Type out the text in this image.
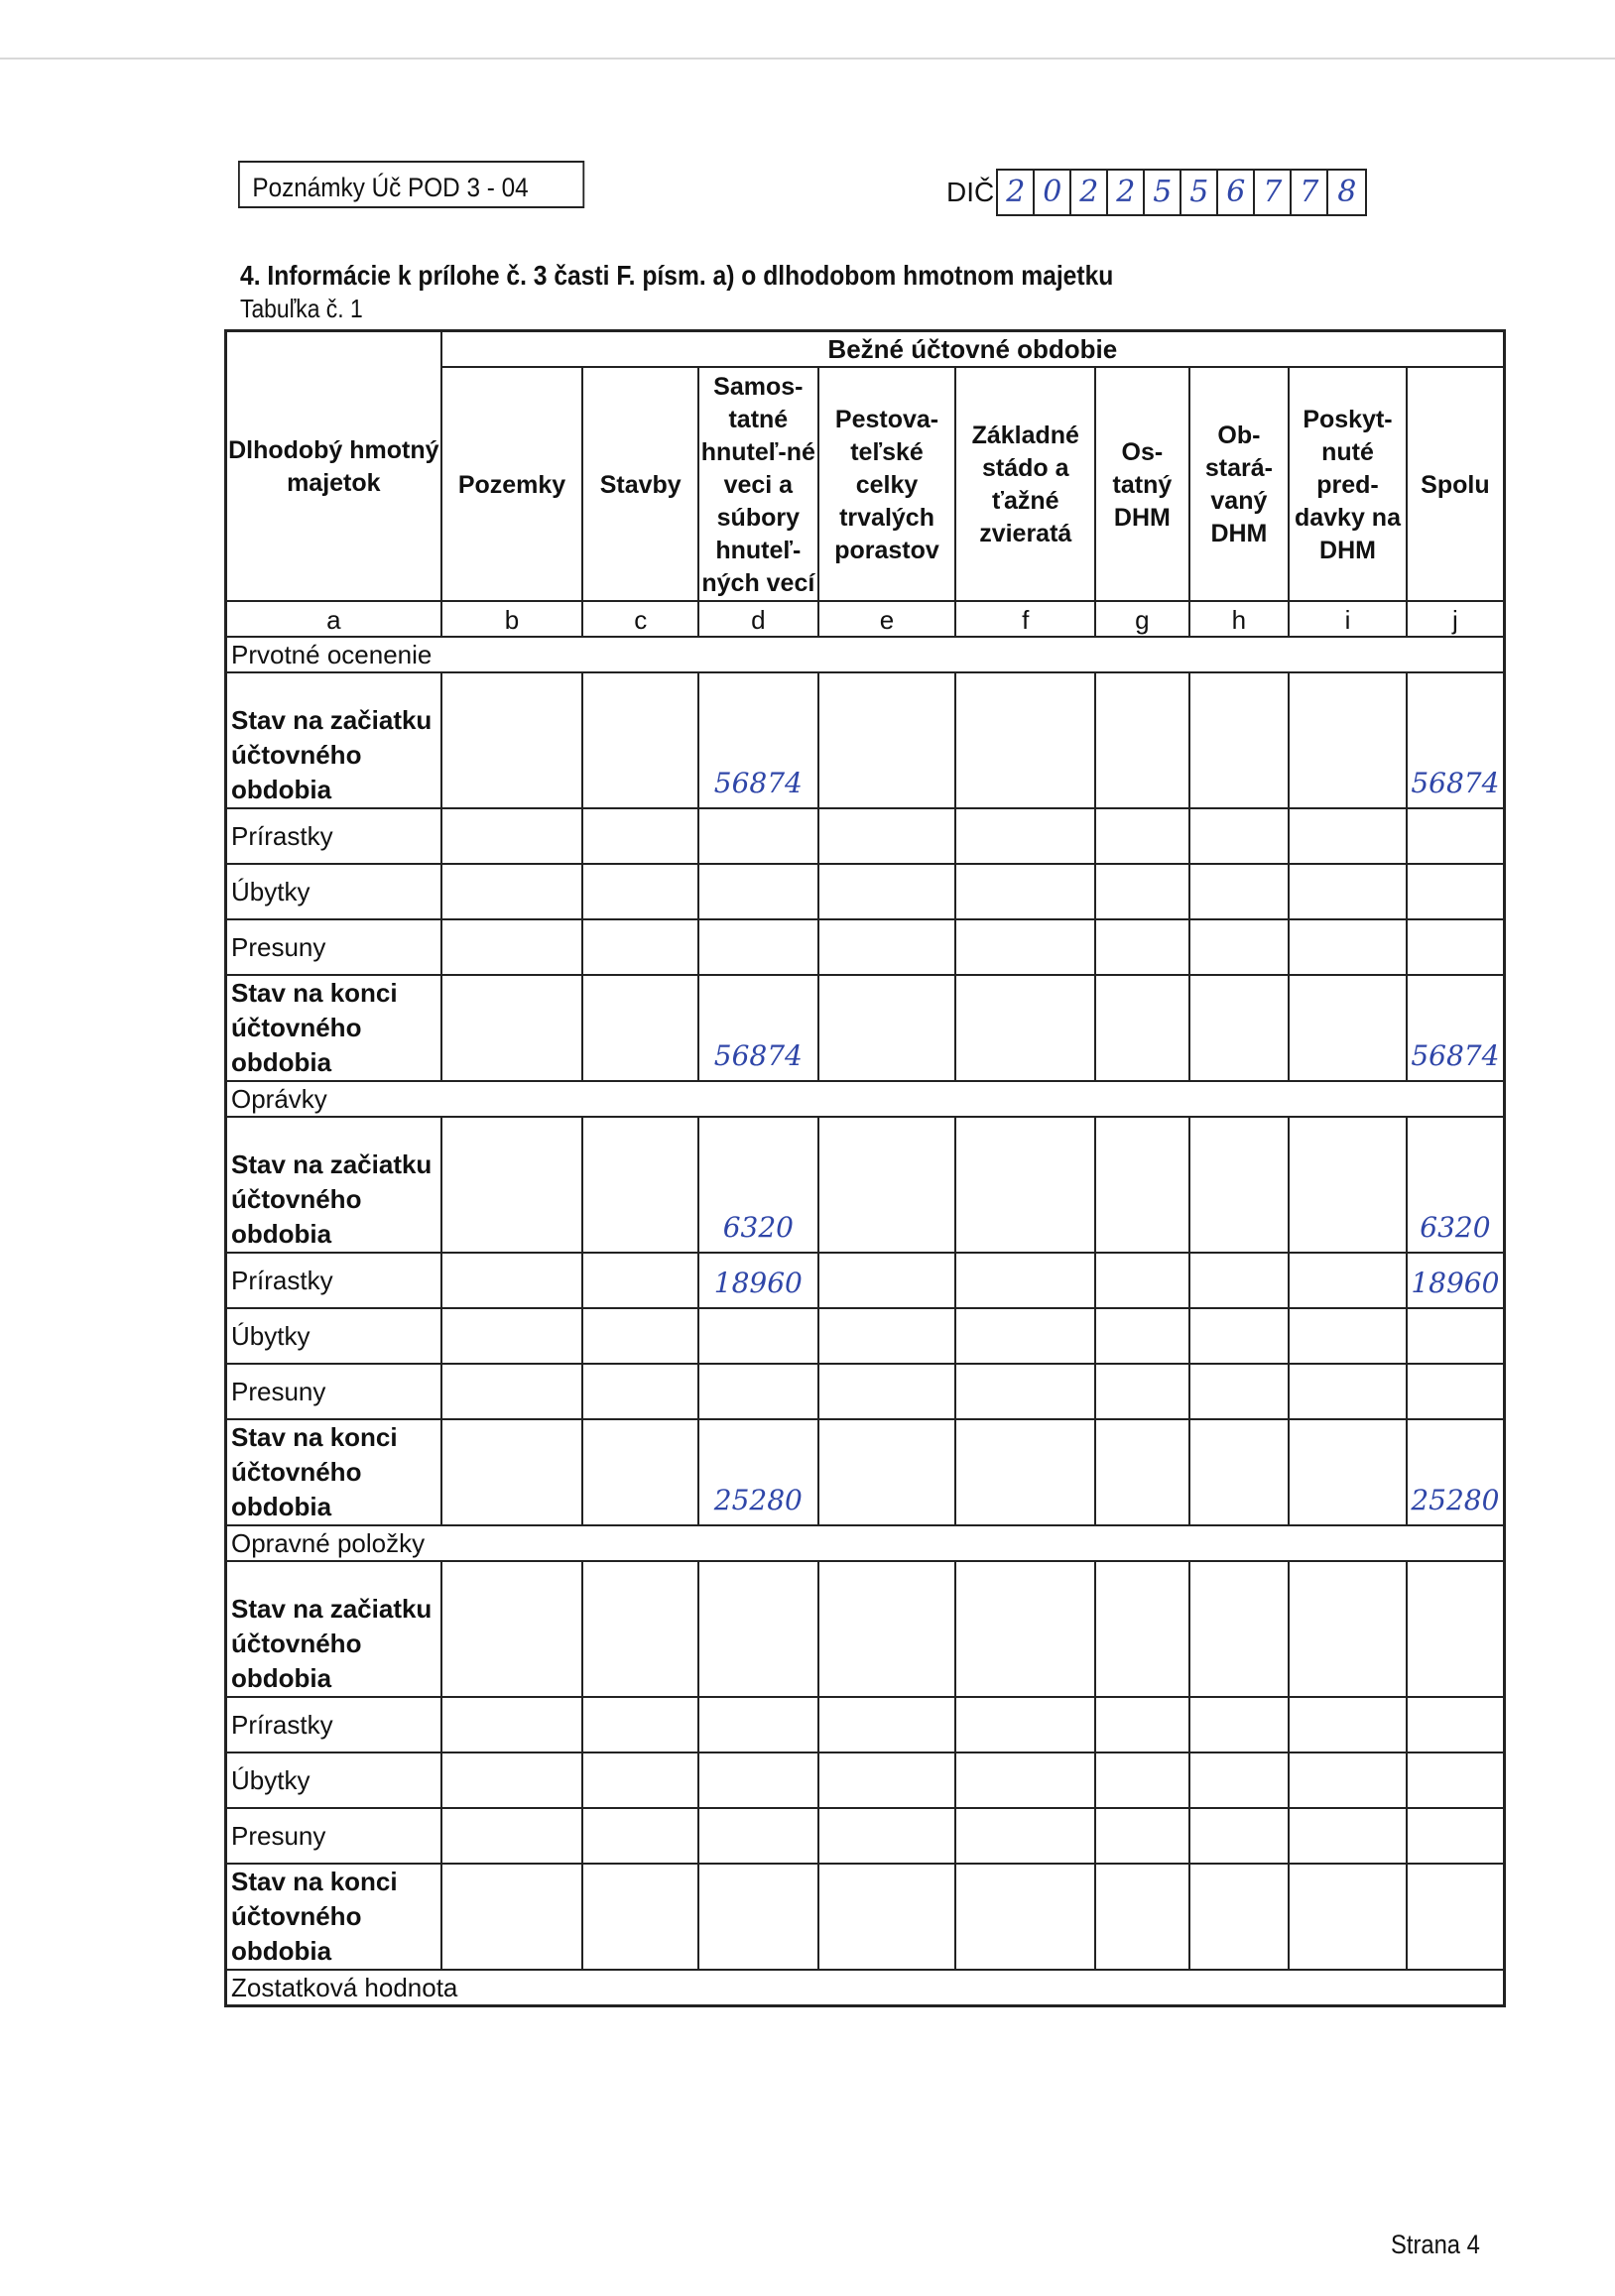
Poznámky Úč POD 3 - 04	DIČ 2 0 2 2 5 5 6 7 7 8
4. Informácie k prílohe č. 3 časti F. písm. a) o dlhodobom hmotnom majetku
Tabuľka č. 1
Dlhodobý hmotný majetok	Bežné účtovné obdobie								
	Pozemky	Stavby	Samos-tatné hnuteľ-né veci a súbory hnuteľ-ných vecí	Pestova-teľské celky trvalých porastov	Základné stádo a ťažné zvieratá	Os-tatný DHM	Ob-stará-vaný DHM	Poskyt-nuté pred-davky na DHM	Spolu
a	b	c	d	e	f	g	h	i	j
Prvotné ocenenie									
Stav na začiatku účtovného obdobia			56874						56874
Prírastky									
Úbytky									
Presuny									
Stav na konci účtovného obdobia			56874						56874
Oprávky									
Stav na začiatku účtovného obdobia			6320						6320
Prírastky			18960						18960
Úbytky									
Presuny									
Stav na konci účtovného obdobia			25280						25280
Opravné položky									
Stav na začiatku účtovného obdobia									
Prírastky									
Úbytky									
Presuny									
Stav na konci účtovného obdobia									
Zostatková hodnota									
Strana 4
